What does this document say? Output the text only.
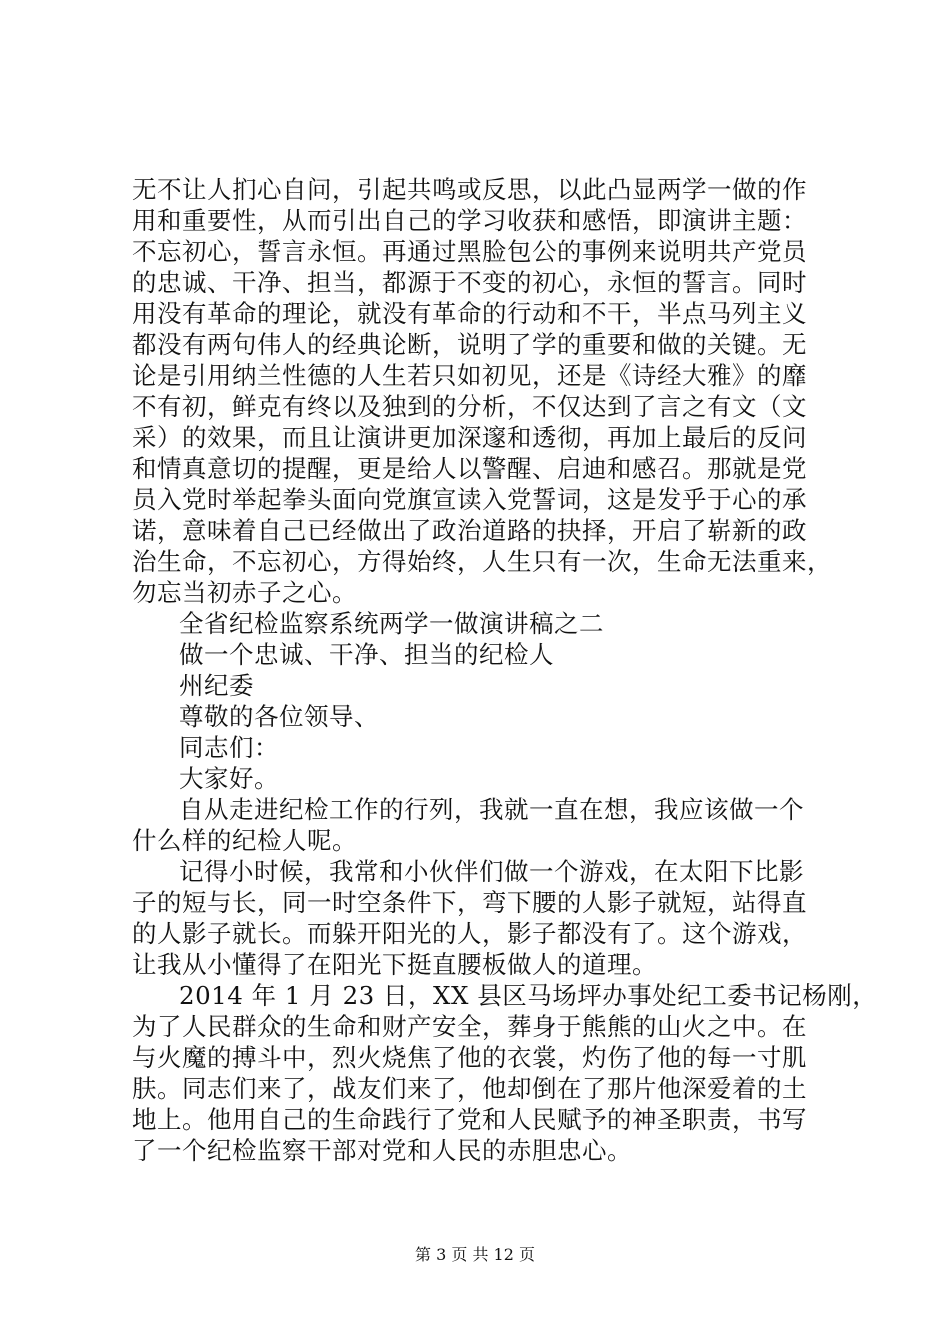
无不让人扪心自问，引起共鸣或反思，以此凸显两学一做的作
用和重要性，从而引出自己的学习收获和感悟，即演讲主题：
不忘初心，誓言永恒。再通过黑脸包公的事例来说明共产党员
的忠诚、干净、担当，都源于不变的初心，永恒的誓言。同时
用没有革命的理论，就没有革命的行动和不干，半点马列主义
都没有两句伟人的经典论断，说明了学的重要和做的关键。无
论是引用纳兰性德的人生若只如初见，还是《诗经大雅》的靡
不有初，鲜克有终以及独到的分析，不仅达到了言之有文（文
采）的效果，而且让演讲更加深邃和透彻，再加上最后的反问
和情真意切的提醒，更是给人以警醒、启迪和感召。那就是党
员入党时举起拳头面向党旗宣读入党誓词，这是发乎于心的承
诺，意味着自己已经做出了政治道路的抉择，开启了崭新的政
治生命，不忘初心，方得始终，人生只有一次，生命无法重来，
勿忘当初赤子之心。
全省纪检监察系统两学一做演讲稿之二
做一个忠诚、干净、担当的纪检人
州纪委
尊敬的各位领导、
同志们：
大家好。
自从走进纪检工作的行列，我就一直在想，我应该做一个
什么样的纪检人呢。
记得小时候，我常和小伙伴们做一个游戏，在太阳下比影
子的短与长，同一时空条件下，弯下腰的人影子就短，站得直
的人影子就长。而躲开阳光的人，影子都没有了。这个游戏，
让我从小懂得了在阳光下挺直腰板做人的道理。
2014 年 1 月 23 日，XX 县区马场坪办事处纪工委书记杨刚，
为了人民群众的生命和财产安全，葬身于熊熊的山火之中。在
与火魔的搏斗中，烈火烧焦了他的衣裳，灼伤了他的每一寸肌
肤。同志们来了，战友们来了，他却倒在了那片他深爱着的土
地上。他用自己的生命践行了党和人民赋予的神圣职责，书写
了一个纪检监察干部对党和人民的赤胆忠心。
第 3 页 共 12 页
